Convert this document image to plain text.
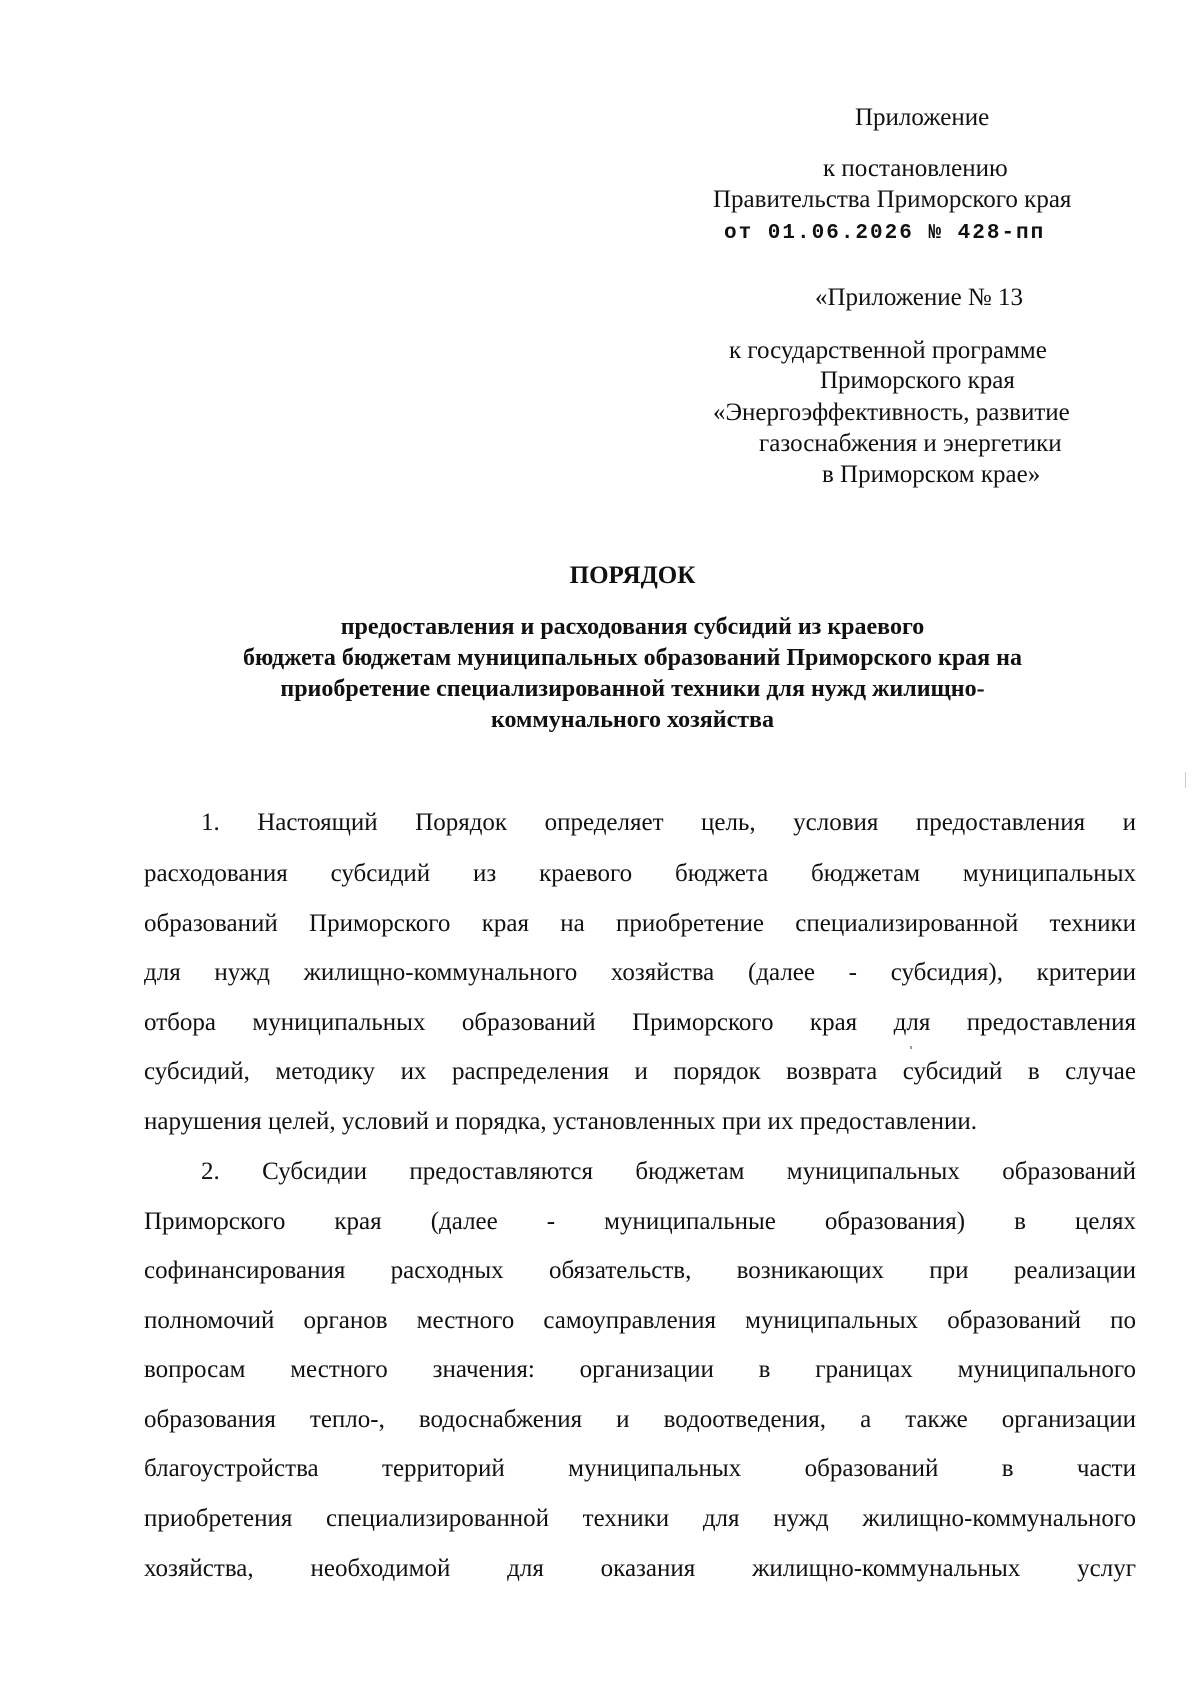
Приложение
к постановлению
Правительства Приморского края
от 01.06.2026 № 428-пп
«Приложение № 13
к государственной программе
Приморского края
«Энергоэффективность, развитие
газоснабжения и энергетики
в Приморском крае»
ПОРЯДОК
предоставления и расходования субсидий из краевого
бюджета бюджетам муниципальных образований Приморского края на
приобретение специализированной техники для нужд жилищно-
коммунального хозяйства
1. Настоящий Порядок определяет цель, условия предоставления и
расходования субсидий из краевого бюджета бюджетам муниципальных
образований Приморского края на приобретение специализированной техники
для нужд жилищно-коммунального хозяйства (далее - субсидия), критерии
отбора муниципальных образований Приморского края для предоставления
субсидий, методику их распределения и порядок возврата субсидий в случае
нарушения целей, условий и порядка, установленных при их предоставлении.
2. Субсидии предоставляются бюджетам муниципальных образований
Приморского края (далее - муниципальные образования) в целях
софинансирования расходных обязательств, возникающих при реализации
полномочий органов местного самоуправления муниципальных образований по
вопросам местного значения: организации в границах муниципального
образования тепло-, водоснабжения и водоотведения, а также организации
благоустройства территорий муниципальных образований в части
приобретения специализированной техники для нужд жилищно-коммунального
хозяйства, необходимой для оказания жилищно-коммунальных услуг
